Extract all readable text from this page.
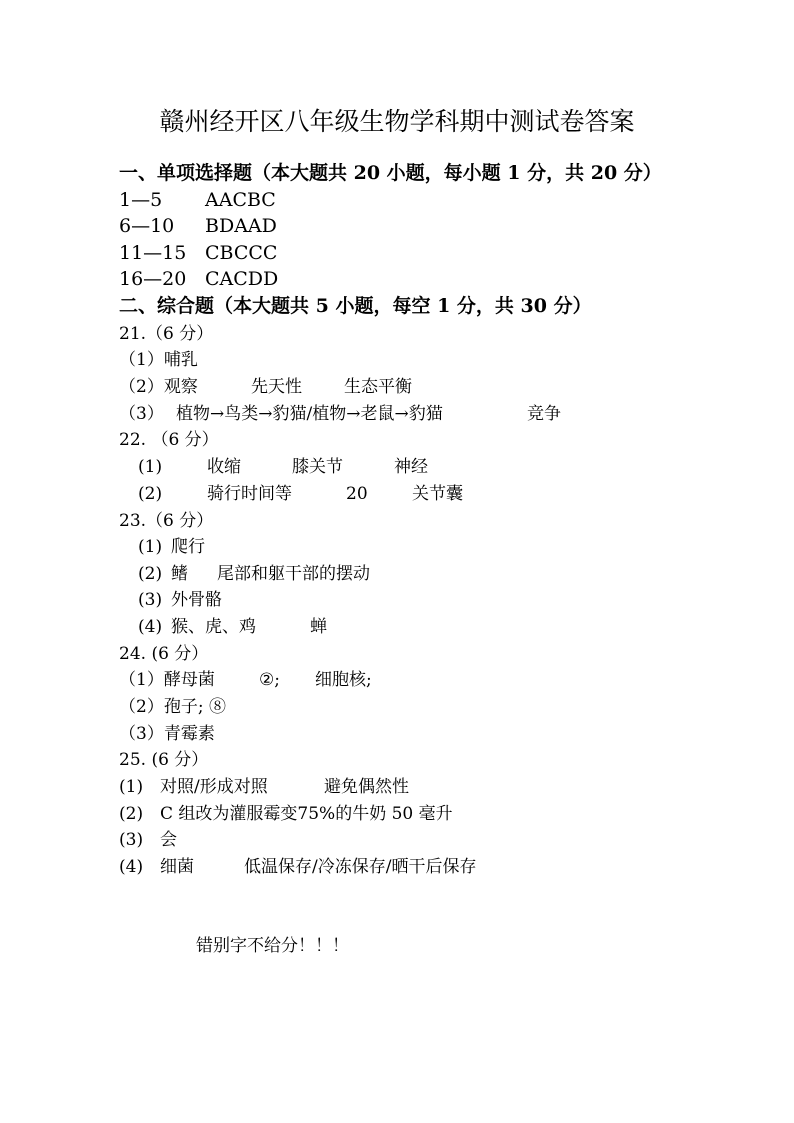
赣州经开区八年级生物学科期中测试卷答案
一、单项选择题（本大题共 20 小题，每小题 1 分，共 20 分）
1—5 AACBC
6—10 BDAAD
11—15 CBCCC
16—20 CACDD
二、综合题（本大题共 5 小题，每空 1 分，共 30 分）
21.（6 分）
（1）哺乳
（2）观察	先天性 生态平衡
（3） 植物→鸟类→豹猫/植物→老鼠→豹猫	竞争
22. （6 分）
(1)	收缩	膝关节	神经
(2)	骑行时间等	20	关节囊
23.（6 分）
(1) 爬行
(2) 鳍 尾部和躯干部的摆动
(3) 外骨骼
(4) 猴、虎、鸡	蝉
24. (6 分）
（1）酵母菌	②; 细胞核;
（2）孢子; ⑧
（3）青霉素
25. (6 分）
(1) 对照/形成对照	避免偶然性
(2) C 组改为灌服霉变75%的牛奶 50 毫升
(3) 会
(4) 细菌	低温保存/冷冻保存/晒干后保存
错别字不给分！！！
